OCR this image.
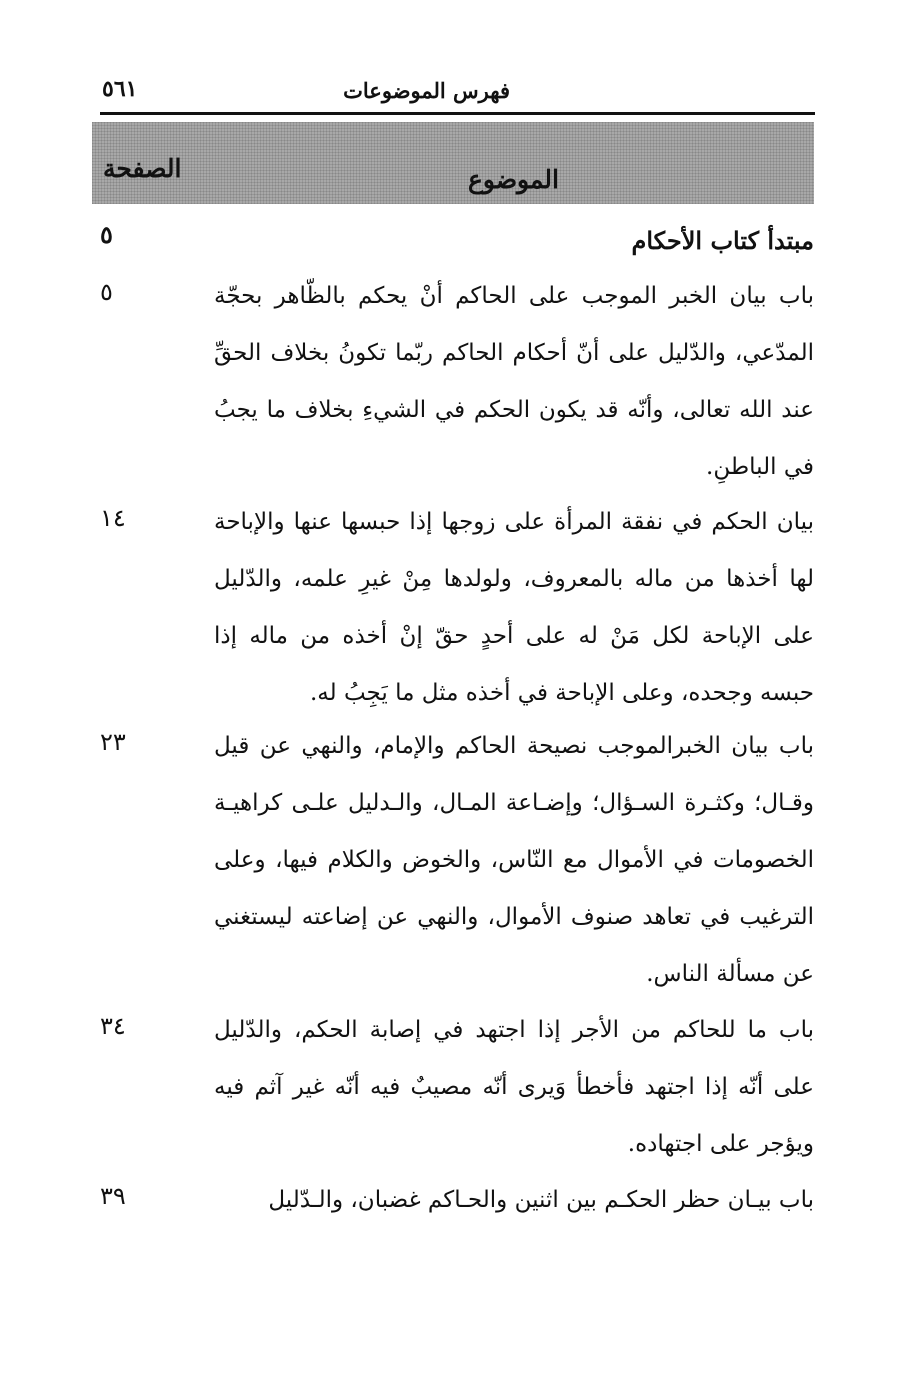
فهرس الموضوعات
٥٦١
الموضوع
الصفحة
مبتدأ كتاب الأحكام
٥
باب بيان الخبر الموجب على الحاكم أنْ يحكم بالظّاهر بحجّة المدّعي، والدّليل على أنّ أحكام الحاكم ربّما تكونُ بخلاف الحقِّ عند الله تعالى، وأنّه قد يكون الحكم في الشيءِ بخلاف ما يجبُ في الباطنِ.
٥
بيان الحكم في نفقة المرأة على زوجها إذا حبسها عنها والإباحة لها أخذها من ماله بالمعروف، ولولدها مِنْ غيرِ علمه، والدّليل على الإباحة لكل مَنْ له على أحدٍ حقّ إنْ أخذه من ماله إذا حبسه وجحده، وعلى الإباحة في أخذه مثل ما يَجِبُ له.
١٤
باب بيان الخبرالموجب نصيحة الحاكم والإمام، والنهي عن قيل وقـال؛ وكثـرة السـؤال؛ وإضـاعة المـال، والـدليل علـى كراهيـة الخصومات في الأموال مع النّاس، والخوض والكلام فيها، وعلى الترغيب في تعاهد صنوف الأموال، والنهي عن إضاعته ليستغني عن مسألة الناس.
٢٣
باب ما للحاكم من الأجر إذا اجتهد في إصابة الحكم، والدّليل على أنّه إذا اجتهد فأخطأ وَيرى أنّه مصيبٌ فيه أنّه غير آثم فيه ويؤجر على اجتهاده.
٣٤
باب بيـان حظر الحكـم بين اثنين والحـاكم غضبان، والـدّليل
٣٩
